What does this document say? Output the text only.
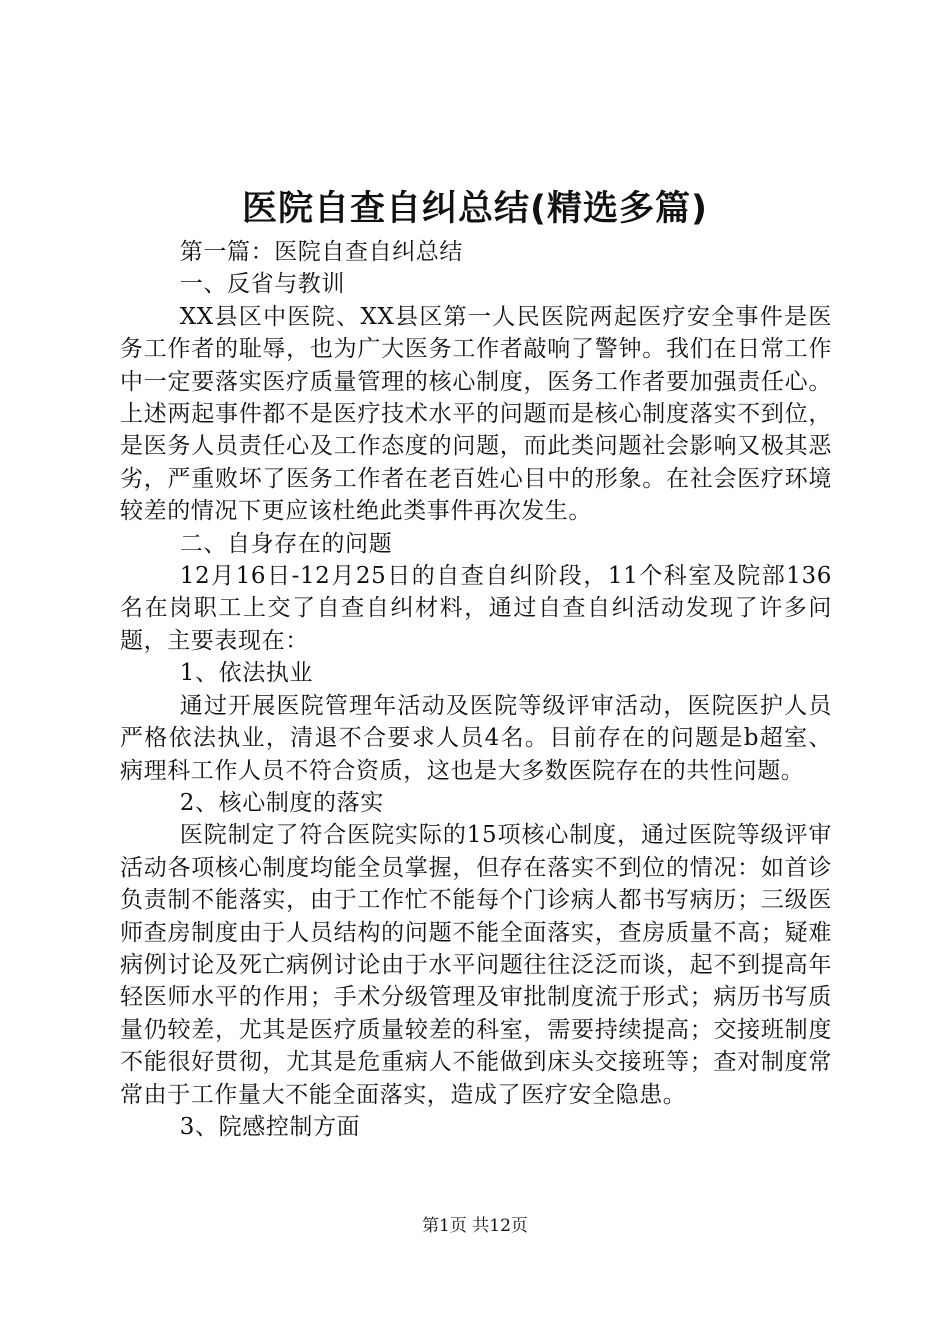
医院自查自纠总结(精选多篇)

第一篇：医院自查自纠总结

一、反省与教训

XX县区中医院、XX县区第一人民医院两起医疗安全事件是医务工作者的耻辱，也为广大医务工作者敲响了警钟。我们在日常工作中一定要落实医疗质量管理的核心制度，医务工作者要加强责任心。上述两起事件都不是医疗技术水平的问题而是核心制度落实不到位，是医务人员责任心及工作态度的问题，而此类问题社会影响又极其恶劣，严重败坏了医务工作者在老百姓心目中的形象。在社会医疗环境较差的情况下更应该杜绝此类事件再次发生。

二、自身存在的问题

12月16日-12月25日的自查自纠阶段，11个科室及院部136名在岗职工上交了自查自纠材料，通过自查自纠活动发现了许多问题，主要表现在：

1、依法执业

通过开展医院管理年活动及医院等级评审活动，医院医护人员严格依法执业，清退不合要求人员4名。目前存在的问题是b超室、病理科工作人员不符合资质，这也是大多数医院存在的共性问题。

2、核心制度的落实

医院制定了符合医院实际的15项核心制度，通过医院等级评审活动各项核心制度均能全员掌握，但存在落实不到位的情况：如首诊负责制不能落实，由于工作忙不能每个门诊病人都书写病历；三级医师查房制度由于人员结构的问题不能全面落实，查房质量不高；疑难病例讨论及死亡病例讨论由于水平问题往往泛泛而谈，起不到提高年轻医师水平的作用；手术分级管理及审批制度流于形式；病历书写质量仍较差，尤其是医疗质量较差的科室，需要持续提高；交接班制度不能很好贯彻，尤其是危重病人不能做到床头交接班等；查对制度常常由于工作量大不能全面落实，造成了医疗安全隐患。

3、院感控制方面

第1页 共12页
